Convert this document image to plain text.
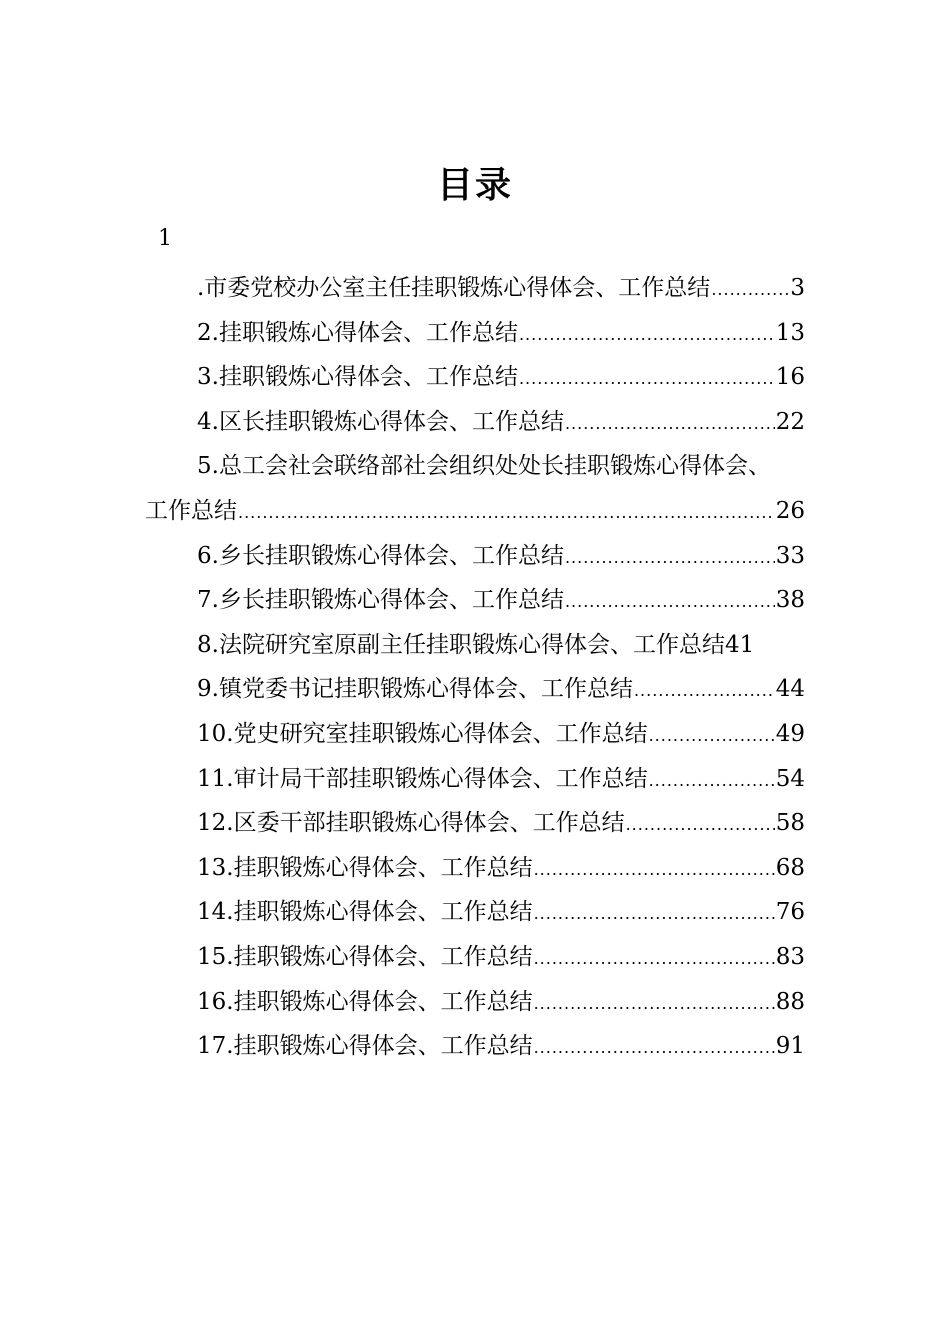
目录
1
.市委党校办公室主任挂职锻炼心得体会、工作总结 .....	3
2.挂职锻炼心得体会、工作总结 .....	13
3.挂职锻炼心得体会、工作总结 .....	16
4.区长挂职锻炼心得体会、工作总结 .....	22
5.总工会社会联络部社会组织处处长挂职锻炼心得体会、
工作总结 .....	26
6.乡长挂职锻炼心得体会、工作总结 .....	33
7.乡长挂职锻炼心得体会、工作总结 .....	38
8.法院研究室原副主任挂职锻炼心得体会、工作总结 41
9.镇党委书记挂职锻炼心得体会、工作总结 .....	44
10.党史研究室挂职锻炼心得体会、工作总结 .....	49
11.审计局干部挂职锻炼心得体会、工作总结 .....	54
12.区委干部挂职锻炼心得体会、工作总结 .....	58
13.挂职锻炼心得体会、工作总结 .....	68
14.挂职锻炼心得体会、工作总结 .....	76
15.挂职锻炼心得体会、工作总结 .....	83
16.挂职锻炼心得体会、工作总结 .....	88
17.挂职锻炼心得体会、工作总结 .....	91
